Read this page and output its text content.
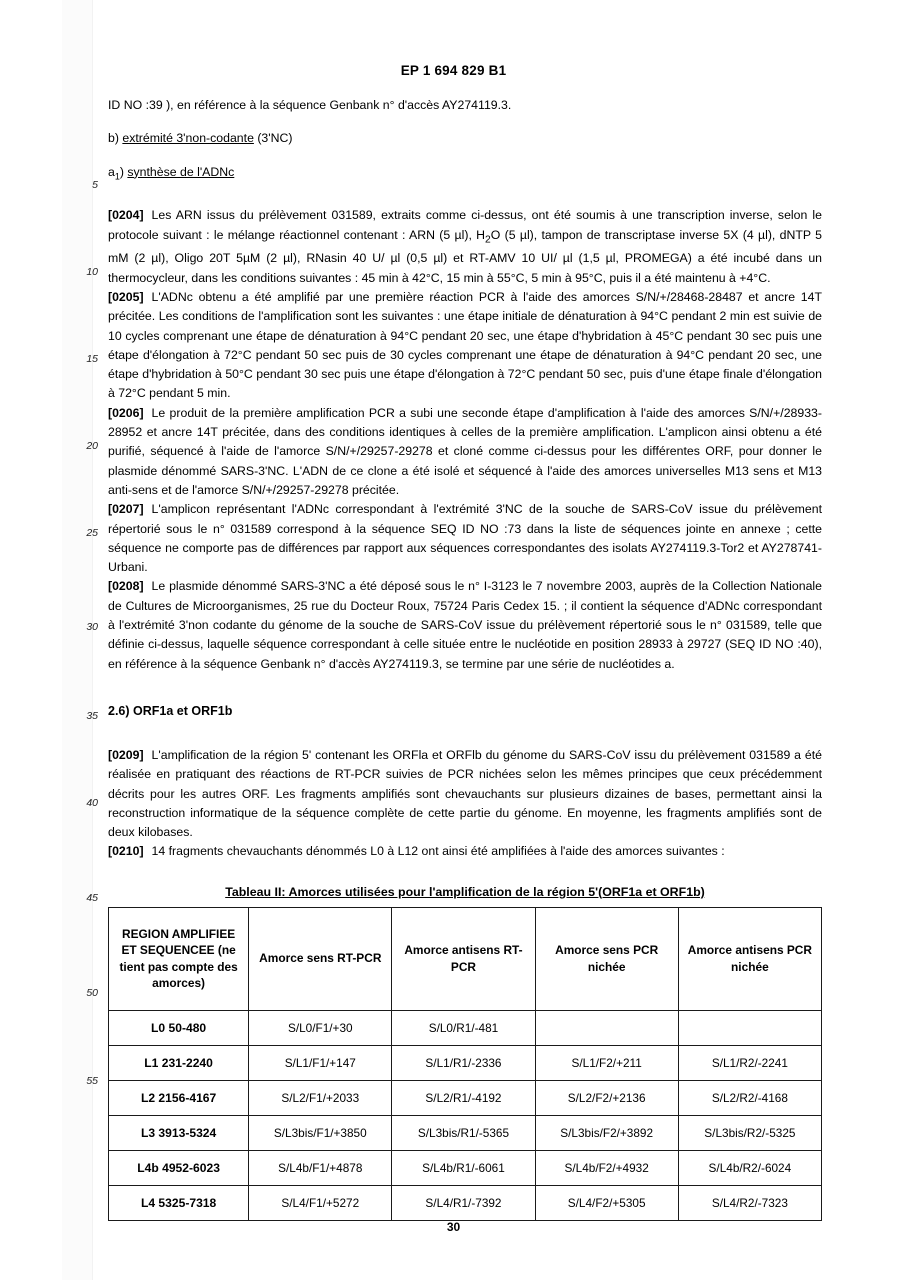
EP 1 694 829 B1
5
10
15
20
25
30
35
40
45
50
55

ID NO :39 ), en référence à la séquence Genbank n° d'accès AY274119.3.

b) extrémité 3'non-codante (3'NC)

$a_1$) synthèse de l'ADNc

[0204] Les ARN issus du prélèvement 031589, extraits comme ci-dessus, ont été soumis à une transcription inverse, selon le protocole suivant : le mélange réactionnel contenant : ARN (5 µl), $H_2O$ (5 µl), tampon de transcriptase inverse 5X (4 µl), dNTP 5 mM (2 µl), Oligo 20T 5µM (2 µl), RNasin 40 U/ µl (0,5 µl) et RT-AMV 10 UI/ µl (1,5 µl, PROMEGA) a été incubé dans un thermocycleur, dans les conditions suivantes : 45 min à 42°C, 15 min à 55°C, 5 min à 95°C, puis il a été maintenu à +4°C.

[0205] L'ADNc obtenu a été amplifié par une première réaction PCR à l'aide des amorces S/N/+/28468-28487 et ancre 14T précitée. Les conditions de l'amplification sont les suivantes : une étape initiale de dénaturation à 94°C pendant 2 min est suivie de 10 cycles comprenant une étape de dénaturation à 94°C pendant 20 sec, une étape d'hybridation à 45°C pendant 30 sec puis une étape d'élongation à 72°C pendant 50 sec puis de 30 cycles comprenant une étape de dénaturation à 94°C pendant 20 sec, une étape d'hybridation à 50°C pendant 30 sec puis une étape d'élongation à 72°C pendant 50 sec, puis d'une étape finale d'élongation à 72°C pendant 5 min.

[0206] Le produit de la première amplification PCR a subi une seconde étape d'amplification à l'aide des amorces S/N/+/28933-28952 et ancre 14T précitée, dans des conditions identiques à celles de la première amplification. L'amplicon ainsi obtenu a été purifié, séquencé à l'aide de l'amorce S/N/+/29257-29278 et cloné comme ci-dessus pour les différentes ORF, pour donner le plasmide dénommé SARS-3'NC. L'ADN de ce clone a été isolé et séquencé à l'aide des amorces universelles M13 sens et M13 anti-sens et de l'amorce S/N/+/29257-29278 précitée.

[0207] L'amplicon représentant l'ADNc correspondant à l'extrémité 3'NC de la souche de SARS-CoV issue du prélèvement répertorié sous le n° 031589 correspond à la séquence SEQ ID NO :73 dans la liste de séquences jointe en annexe ; cette séquence ne comporte pas de différences par rapport aux séquences correspondantes des isolats AY274119.3-Tor2 et AY278741-Urbani.

[0208] Le plasmide dénommé SARS-3'NC a été déposé sous le n° I-3123 le 7 novembre 2003, auprès de la Collection Nationale de Cultures de Microorganismes, 25 rue du Docteur Roux, 75724 Paris Cedex 15. ; il contient la séquence d'ADNc correspondant à l'extrémité 3'non codante du génome de la souche de SARS-CoV issue du prélèvement répertorié sous le n° 031589, telle que définie ci-dessus, laquelle séquence correspondant à celle située entre le nucléotide en position 28933 à 29727 (SEQ ID NO :40), en référence à la séquence Genbank n° d'accès AY274119.3, se termine par une série de nucléotides a.

2.6) ORF1a et ORF1b

[0209] L'amplification de la région 5' contenant les ORFla et ORFlb du génome du SARS-CoV issu du prélèvement 031589 a été réalisée en pratiquant des réactions de RT-PCR suivies de PCR nichées selon les mêmes principes que ceux précédemment décrits pour les autres ORF. Les fragments amplifiés sont chevauchants sur plusieurs dizaines de bases, permettant ainsi la reconstruction informatique de la séquence complète de cette partie du génome. En moyenne, les fragments amplifiés sont de deux kilobases.

[0210] 14 fragments chevauchants dénommés L0 à L12 ont ainsi été amplifiées à l'aide des amorces suivantes :

Tableau II: Amorces utilisées pour l'amplification de la région 5'(ORF1a et ORF1b)

REGION AMPLIFIEE ET SEQUENCEE (ne tient pas compte des amorces)	Amorce sens RT-PCR	Amorce antisens RT-PCR	Amorce sens PCR nichée	Amorce antisens PCR nichée
L0 50-480	S/L0/F1/+30	S/L0/R1/-481		
L1 231-2240	S/L1/F1/+147	S/L1/R1/-2336	S/L1/F2/+211	S/L1/R2/-2241
L2 2156-4167	S/L2/F1/+2033	S/L2/R1/-4192	S/L2/F2/+2136	S/L2/R2/-4168
L3 3913-5324	S/L3bis/F1/+3850	S/L3bis/R1/-5365	S/L3bis/F2/+3892	S/L3bis/R2/-5325
L4b 4952-6023	S/L4b/F1/+4878	S/L4b/R1/-6061	S/L4b/F2/+4932	S/L4b/R2/-6024
L4 5325-7318	S/L4/F1/+5272	S/L4/R1/-7392	S/L4/F2/+5305	S/L4/R2/-7323
30
